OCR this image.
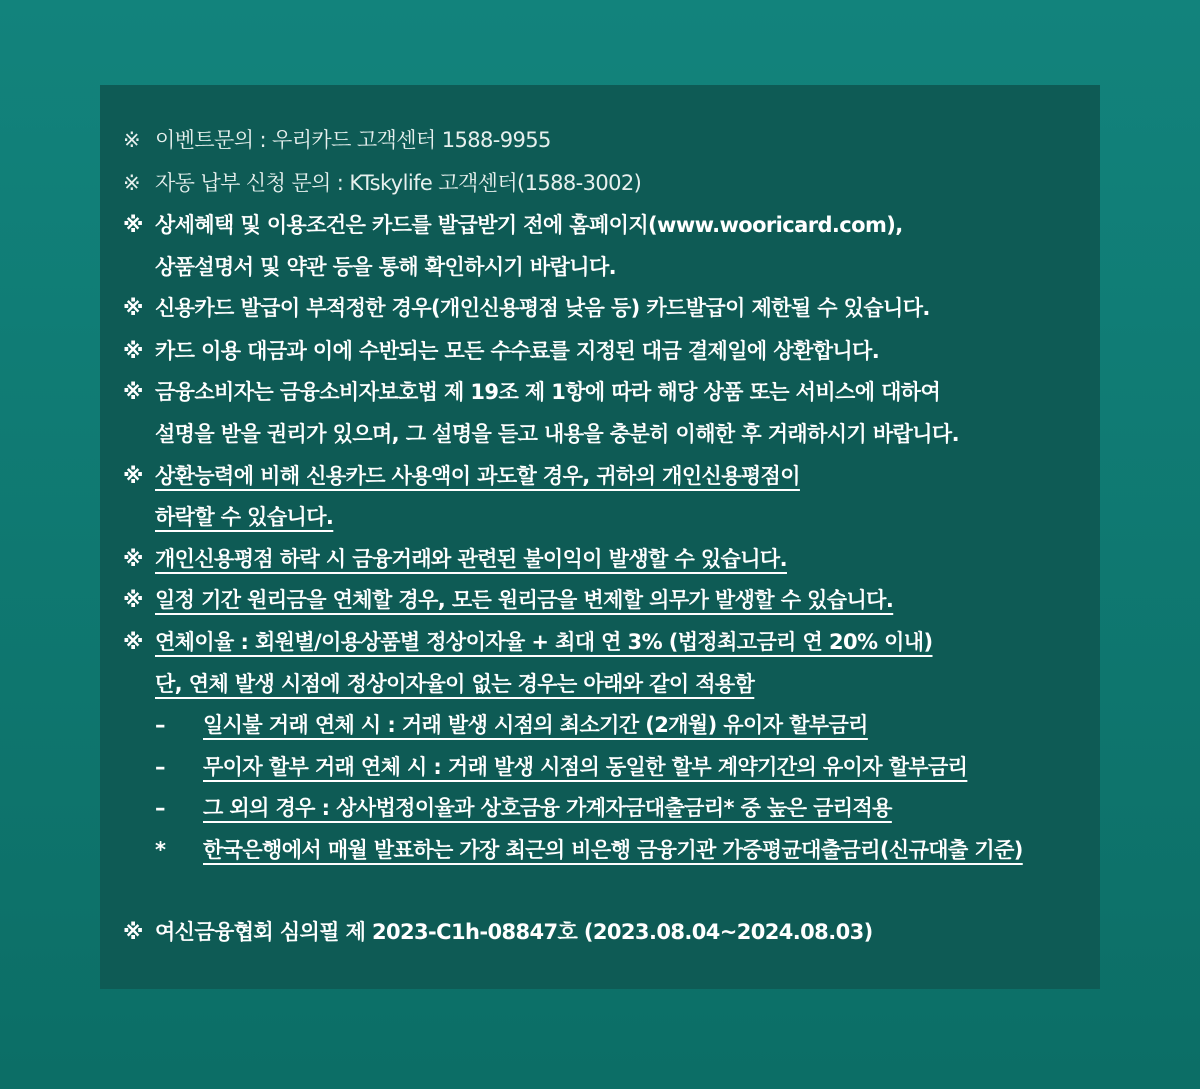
※ 이벤트문의 : 우리카드 고객센터 1588-9955
※ 자동 납부 신청 문의 : KTskylife 고객센터(1588-3002)
※ 상세혜택 및 이용조건은 카드를 발급받기 전에 홈페이지(www.wooricard.com),
상품설명서 및 약관 등을 통해 확인하시기 바랍니다.
※ 신용카드 발급이 부적정한 경우(개인신용평점 낮음 등) 카드발급이 제한될 수 있습니다.
※ 카드 이용 대금과 이에 수반되는 모든 수수료를 지정된 대금 결제일에 상환합니다.
※ 금융소비자는 금융소비자보호법 제 19조 제 1항에 따라 해당 상품 또는 서비스에 대하여
설명을 받을 권리가 있으며, 그 설명을 듣고 내용을 충분히 이해한 후 거래하시기 바랍니다.
※ 상환능력에 비해 신용카드 사용액이 과도할 경우, 귀하의 개인신용평점이
하락할 수 있습니다.
※ 개인신용평점 하락 시 금융거래와 관련된 불이익이 발생할 수 있습니다.
※ 일정 기간 원리금을 연체할 경우, 모든 원리금을 변제할 의무가 발생할 수 있습니다.
※ 연체이율 : 회원별/이용상품별 정상이자율 + 최대 연 3% (법정최고금리 연 20% 이내)
단, 연체 발생 시점에 정상이자율이 없는 경우는 아래와 같이 적용함
– 일시불 거래 연체 시 : 거래 발생 시점의 최소기간 (2개월) 유이자 할부금리
– 무이자 할부 거래 연체 시 : 거래 발생 시점의 동일한 할부 계약기간의 유이자 할부금리
– 그 외의 경우 : 상사법정이율과 상호금융 가계자금대출금리* 중 높은 금리적용
* 한국은행에서 매월 발표하는 가장 최근의 비은행 금융기관 가중평균대출금리(신규대출 기준)
※ 여신금융협회 심의필 제 2023-C1h-08847호 (2023.08.04~2024.08.03)
